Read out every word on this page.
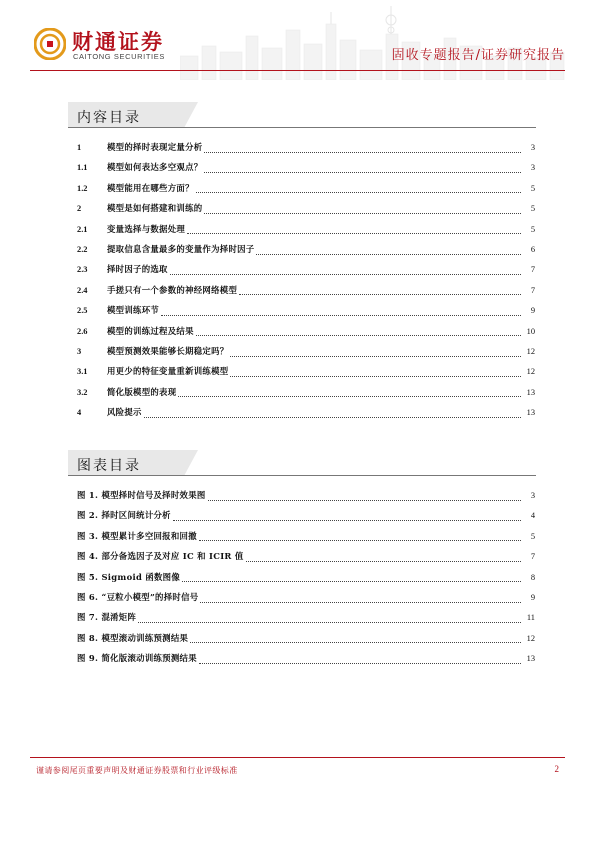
财通证券
CAITONG SECURITIES	固收专题报告/证券研究报告
内容目录
1	模型的择时表现定量分析	3
1.1	模型如何表达多空观点？	3
1.2	模型能用在哪些方面？	5
2	模型是如何搭建和训练的	5
2.1	变量选择与数据处理	5
2.2	提取信息含量最多的变量作为择时因子	6
2.3	择时因子的选取	7
2.4	手搓只有一个参数的神经网络模型	7
2.5	模型训练环节	9
2.6	模型的训练过程及结果	10
3	模型预测效果能够长期稳定吗？	12
3.1	用更少的特征变量重新训练模型	12
3.2	简化版模型的表现	13
4	风险提示	13
图表目录
图 1. 模型择时信号及择时效果图	3
图 2. 择时区间统计分析	4
图 3. 模型累计多空回报和回撤	5
图 4. 部分备选因子及对应 IC 和 ICIR 值	7
图 5. Sigmoid 函数图像	8
图 6. “豆粒小模型”的择时信号	9
图 7. 混淆矩阵	11
图 8. 模型滚动训练预测结果	12
图 9. 简化版滚动训练预测结果	13
谨请参阅尾页重要声明及财通证券股票和行业评级标准	2
